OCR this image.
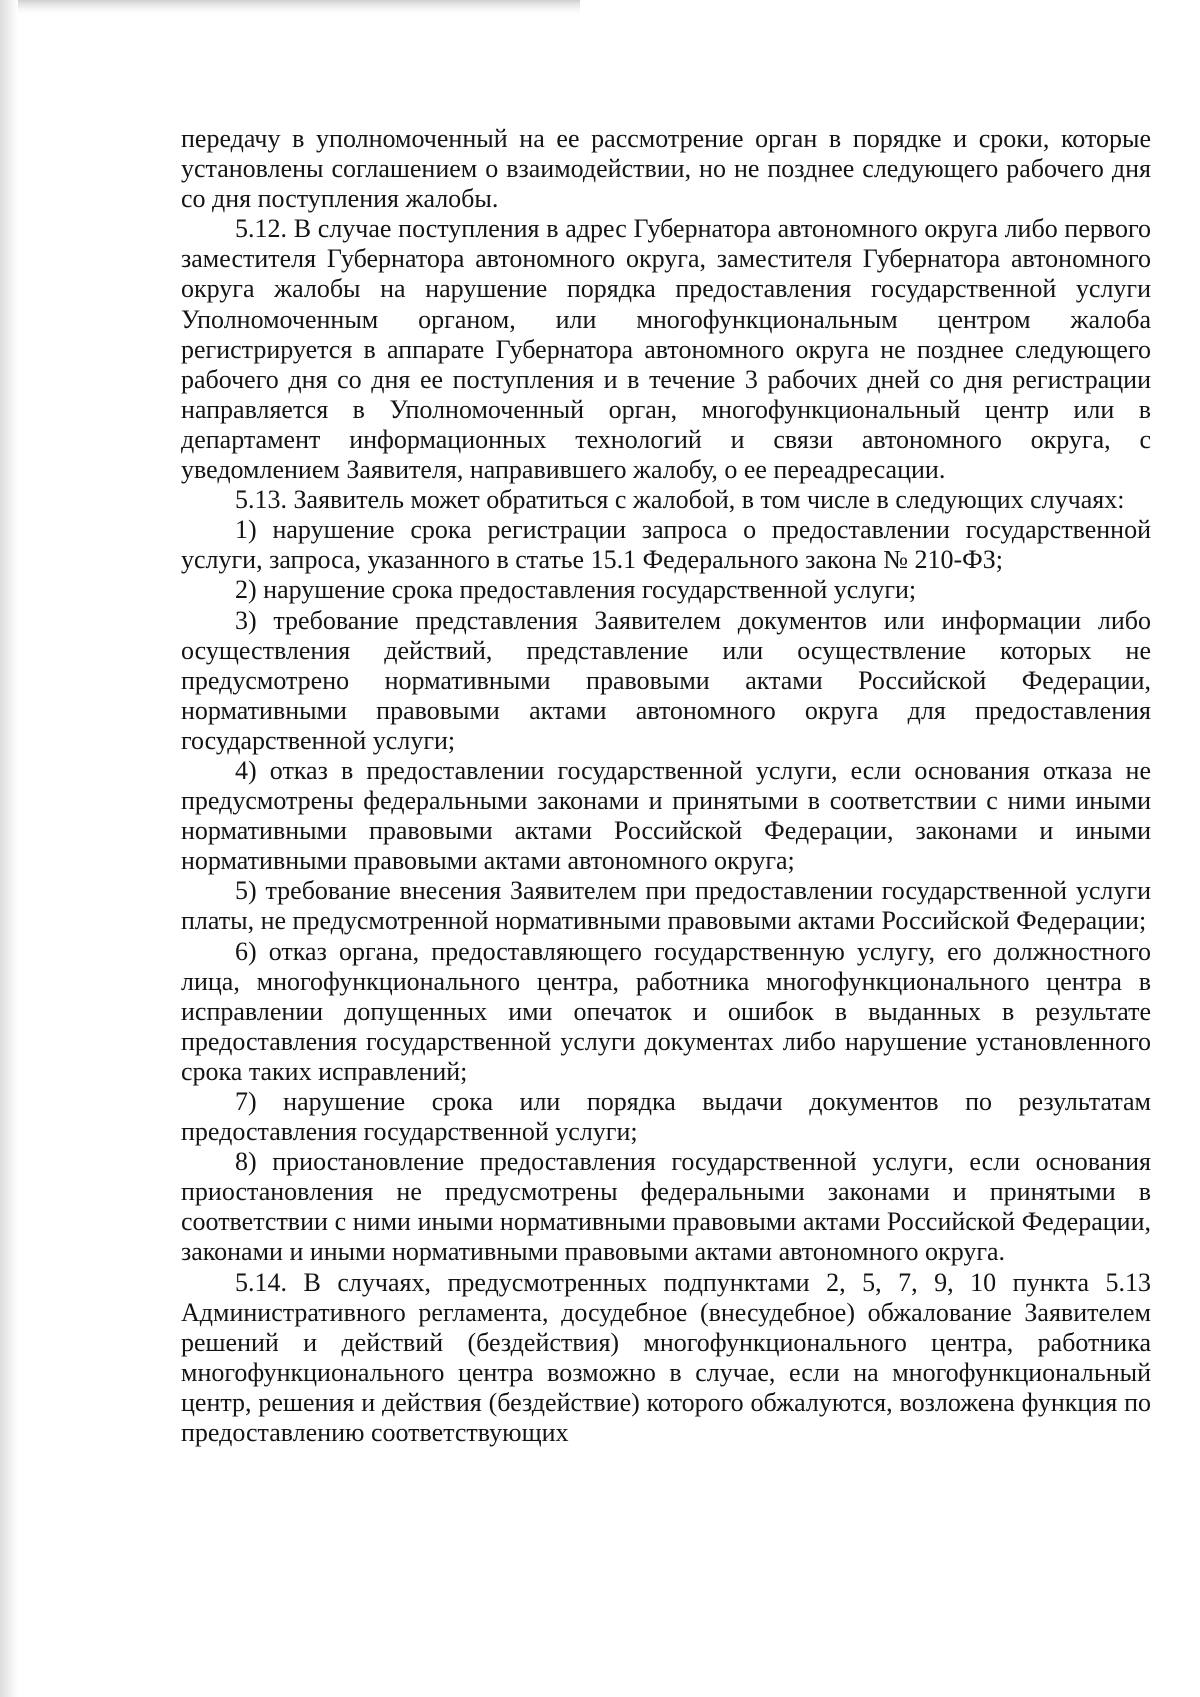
передачу в уполномоченный на ее рассмотрение орган в порядке и сроки, которые установлены соглашением о взаимодействии, но не позднее следующего рабочего дня со дня поступления жалобы.

5.12. В случае поступления в адрес Губернатора автономного округа либо первого заместителя Губернатора автономного округа, заместителя Губернатора автономного округа жалобы на нарушение порядка предоставления государственной услуги Уполномоченным органом, или многофункциональным центром жалоба регистрируется в аппарате Губернатора автономного округа не позднее следующего рабочего дня со дня ее поступления и в течение 3 рабочих дней со дня регистрации направляется в Уполномоченный орган, многофункциональный центр или в департамент информационных технологий и связи автономного округа, с уведомлением Заявителя, направившего жалобу, о ее переадресации.

5.13. Заявитель может обратиться с жалобой, в том числе в следующих случаях:

1) нарушение срока регистрации запроса о предоставлении государственной услуги, запроса, указанного в статье 15.1 Федерального закона № 210-ФЗ;

2) нарушение срока предоставления государственной услуги;

3) требование представления Заявителем документов или информации либо осуществления действий, представление или осуществление которых не предусмотрено нормативными правовыми актами Российской Федерации, нормативными правовыми актами автономного округа для предоставления государственной услуги;

4) отказ в предоставлении государственной услуги, если основания отказа не предусмотрены федеральными законами и принятыми в соответствии с ними иными нормативными правовыми актами Российской Федерации, законами и иными нормативными правовыми актами автономного округа;

5) требование внесения Заявителем при предоставлении государственной услуги платы, не предусмотренной нормативными правовыми актами Российской Федерации;

6) отказ органа, предоставляющего государственную услугу, его должностного лица, многофункционального центра, работника многофункционального центра в исправлении допущенных ими опечаток и ошибок в выданных в результате предоставления государственной услуги документах либо нарушение установленного срока таких исправлений;

7) нарушение срока или порядка выдачи документов по результатам предоставления государственной услуги;

8) приостановление предоставления государственной услуги, если основания приостановления не предусмотрены федеральными законами и принятыми в соответствии с ними иными нормативными правовыми актами Российской Федерации, законами и иными нормативными правовыми актами автономного округа.

5.14. В случаях, предусмотренных подпунктами 2, 5, 7, 9, 10 пункта 5.13 Административного регламента, досудебное (внесудебное) обжалование Заявителем решений и действий (бездействия) многофункционального центра, работника многофункционального центра возможно в случае, если на многофункциональный центр, решения и действия (бездействие) которого обжалуются, возложена функция по предоставлению соответствующих
